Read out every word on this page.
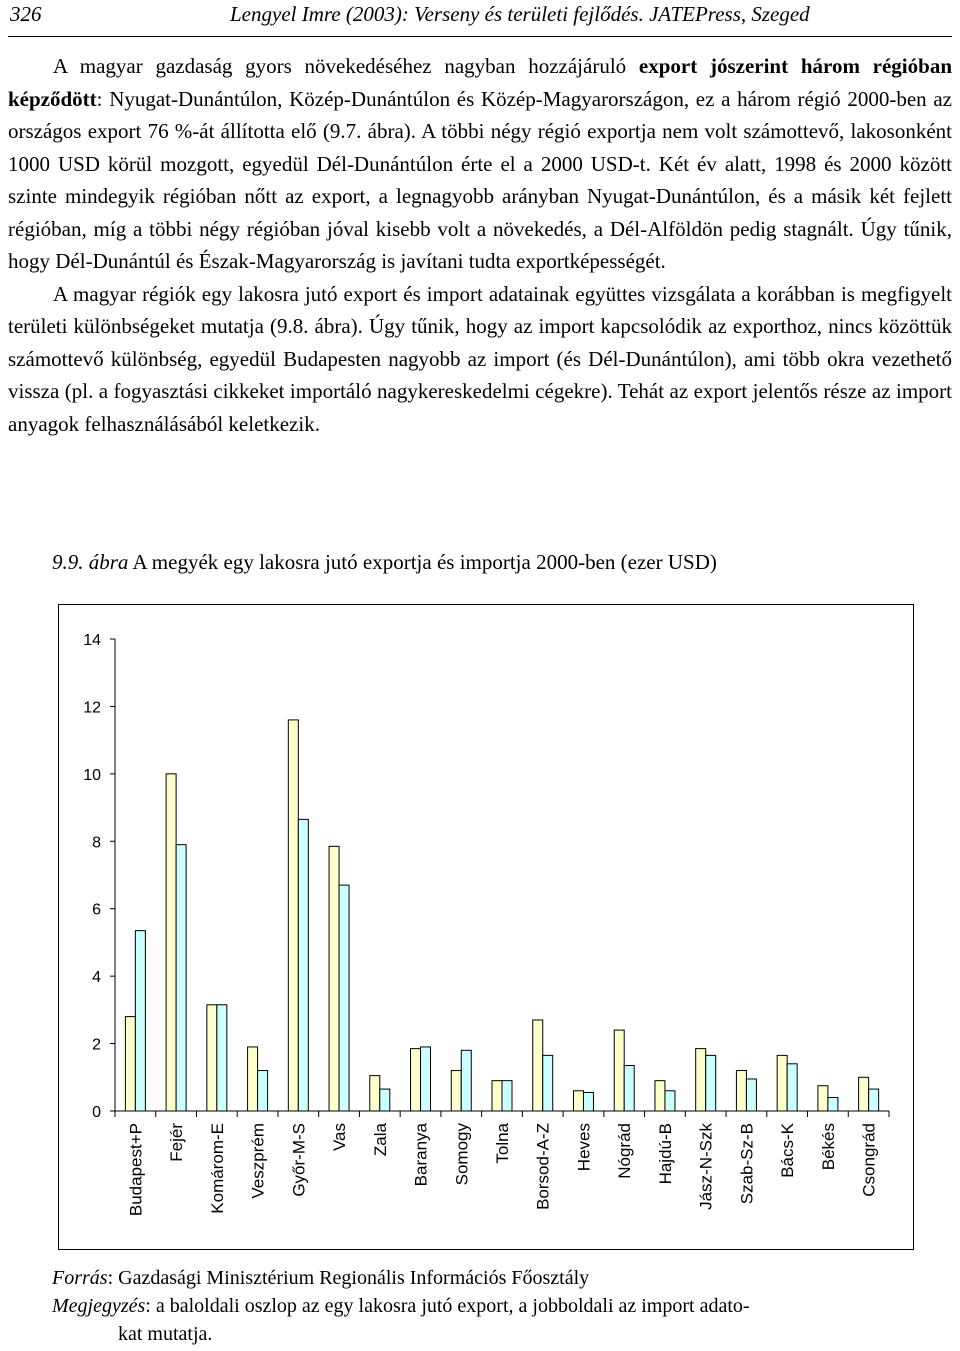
326	Lengyel Imre (2003): Verseny és területi fejlődés. JATEPress, Szeged

A magyar gazdaság gyors növekedéséhez nagyban hozzájáruló export jószerint három régióban képződött: Nyugat-Dunántúlon, Közép-Dunántúlon és Közép-Magyarországon, ez a három régió 2000-ben az országos export 76 %-át állította elő (9.7. ábra). A többi négy régió exportja nem volt számottevő, lakosonként 1000 USD körül mozgott, egyedül Dél-Dunántúlon érte el a 2000 USD-t. Két év alatt, 1998 és 2000 között szinte mindegyik régióban nőtt az export, a legnagyobb arányban Nyugat-Dunántúlon, és a másik két fejlett régióban, míg a többi négy régióban jóval kisebb volt a növekedés, a Dél-Alföldön pedig stagnált. Úgy tűnik, hogy Dél-Dunántúl és Észak-Magyarország is javítani tudta exportképességét.

A magyar régiók egy lakosra jutó export és import adatainak együttes vizsgálata a korábban is megfigyelt területi különbségeket mutatja (9.8. ábra). Úgy tűnik, hogy az import kapcsolódik az exporthoz, nincs közöttük számottevő különbség, egyedül Budapesten nagyobb az import (és Dél-Dunántúlon), ami több okra vezethető vissza (pl. a fogyasztási cikkeket importáló nagykereskedelmi cégekre). Tehát az export jelentős része az import anyagok felhasználásából keletkezik.

9.9. ábra A megyék egy lakosra jutó exportja és importja 2000-ben (ezer USD)
0
2
4
6
8
10
12
14
Budapest+P Fejér Komárom-E Veszprém Győr-M-S Vas Zala Baranya Somogy Tolna Borsod-A-Z Heves Nógrád Hajdú-B Jász-N-Szk Szab-Sz-B Bács-K Békés Csongrád
Forrás: Gazdasági Minisztérium Regionális Információs Főosztály
Megjegyzés: a baloldali oszlop az egy lakosra jutó export, a jobboldali az import adato-
kat mutatja.
